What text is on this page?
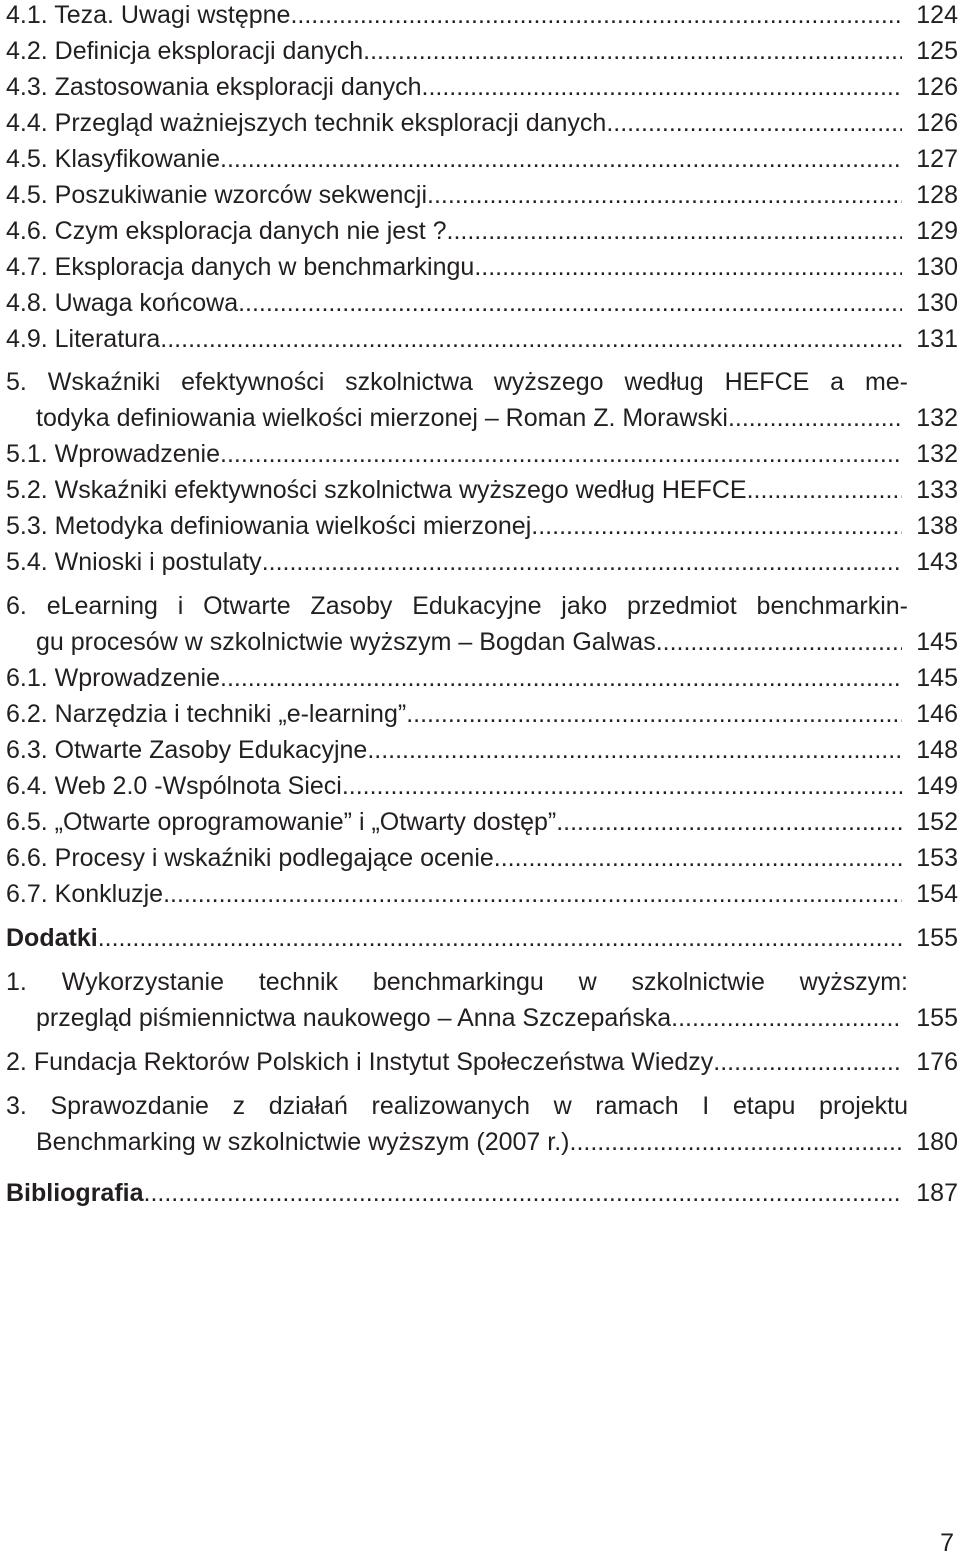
4.1. Teza. Uwagi wstępne .....	124
4.2. Definicja eksploracji danych .....	125
4.3. Zastosowania eksploracji danych .....	126
4.4. Przegląd ważniejszych technik eksploracji danych .....	126
4.5. Klasyfikowanie .....	127
4.5. Poszukiwanie wzorców sekwencji .....	128
4.6. Czym eksploracja danych nie jest ? .....	129
4.7. Eksploracja danych w benchmarkingu .....	130
4.8. Uwaga końcowa .....	130
4.9. Literatura .....	131
5. Wskaźniki efektywności szkolnictwa wyższego według HEFCE a me-
todyka definiowania wielkości mierzonej – Roman Z. Morawski .....	132
5.1. Wprowadzenie .....	132
5.2. Wskaźniki efektywności szkolnictwa wyższego według HEFCE .....	133
5.3. Metodyka definiowania wielkości mierzonej .....	138
5.4. Wnioski i postulaty .....	143
6. eLearning i Otwarte Zasoby Edukacyjne jako przedmiot benchmarkin-
gu procesów w szkolnictwie wyższym – Bogdan Galwas .....	145
6.1. Wprowadzenie .....	145
6.2. Narzędzia i techniki „e-learning” .....	146
6.3. Otwarte Zasoby Edukacyjne .....	148
6.4. Web 2.0 -Wspólnota Sieci .....	149
6.5. „Otwarte oprogramowanie” i „Otwarty dostęp” .....	152
6.6. Procesy i wskaźniki podlegające ocenie .....	153
6.7. Konkluzje .....	154
Dodatki .....	155
1. Wykorzystanie technik benchmarkingu w szkolnictwie wyższym:
przegląd piśmiennictwa naukowego – Anna Szczepańska .....	155
2. Fundacja Rektorów Polskich i Instytut Społeczeństwa Wiedzy .....	176
3. Sprawozdanie z działań realizowanych w ramach I etapu projektu
Benchmarking w szkolnictwie wyższym (2007 r.) .....	180
Bibliografia .....	187
7
